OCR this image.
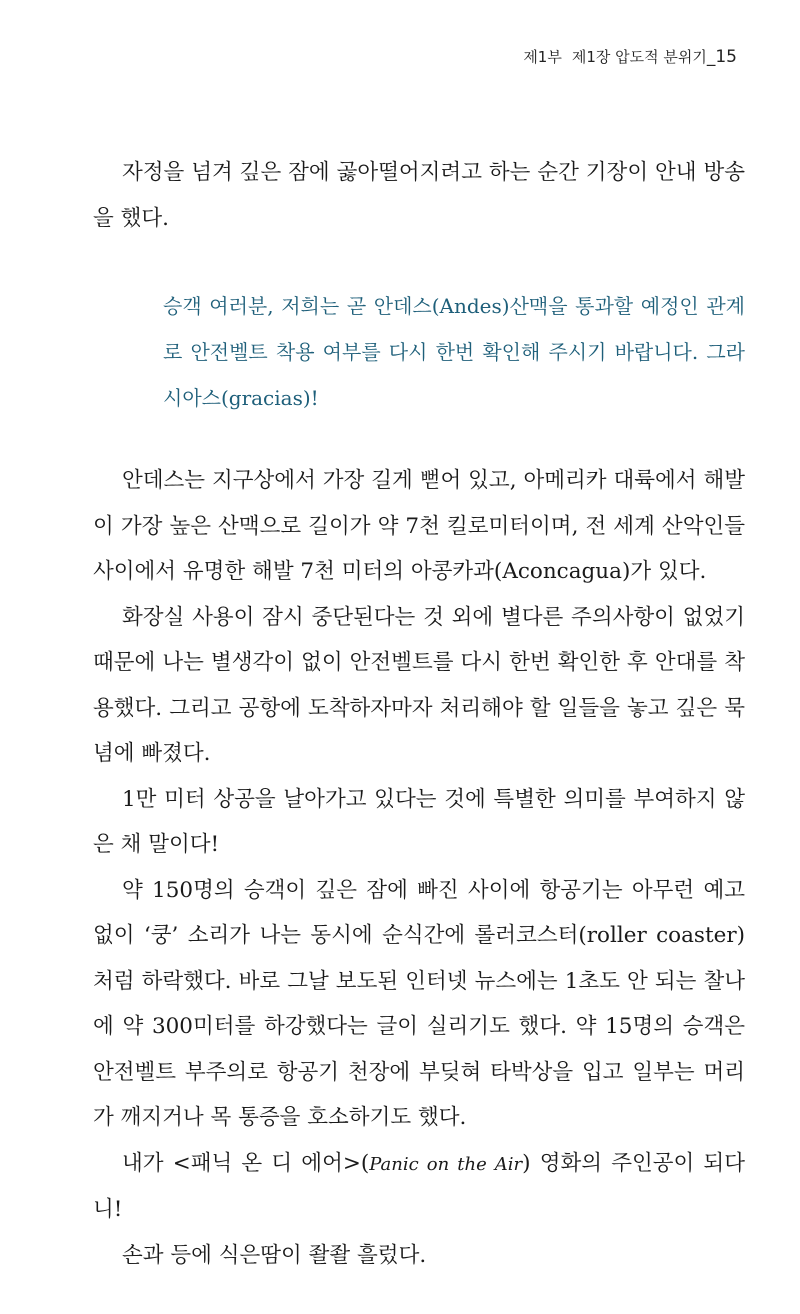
제1부 제1장 압도적 분위기 _ 15

자정을 넘겨 깊은 잠에 곯아떨어지려고 하는 순간 기장이 안내 방송을 했다.

승객 여러분, 저희는 곧 안데스(Andes)산맥을 통과할 예정인 관계로 안전벨트 착용 여부를 다시 한번 확인해 주시기 바랍니다. 그라시아스(gracias)!

안데스는 지구상에서 가장 길게 뻗어 있고, 아메리카 대륙에서 해발이 가장 높은 산맥으로 길이가 약 7천 킬로미터이며, 전 세계 산악인들 사이에서 유명한 해발 7천 미터의 아콩카과(Aconcagua)가 있다.

화장실 사용이 잠시 중단된다는 것 외에 별다른 주의사항이 없었기 때문에 나는 별생각이 없이 안전벨트를 다시 한번 확인한 후 안대를 착용했다. 그리고 공항에 도착하자마자 처리해야 할 일들을 놓고 깊은 묵념에 빠졌다.

1만 미터 상공을 날아가고 있다는 것에 특별한 의미를 부여하지 않은 채 말이다!

약 150명의 승객이 깊은 잠에 빠진 사이에 항공기는 아무런 예고 없이 ‘쿵’ 소리가 나는 동시에 순식간에 롤러코스터(roller coaster)처럼 하락했다. 바로 그날 보도된 인터넷 뉴스에는 1초도 안 되는 찰나에 약 300미터를 하강했다는 글이 실리기도 했다. 약 15명의 승객은 안전벨트 부주의로 항공기 천장에 부딪혀 타박상을 입고 일부는 머리가 깨지거나 목 통증을 호소하기도 했다.

내가 <패닉 온 디 에어>(Panic on the Air) 영화의 주인공이 되다니!

손과 등에 식은땀이 좔좔 흘렀다.
